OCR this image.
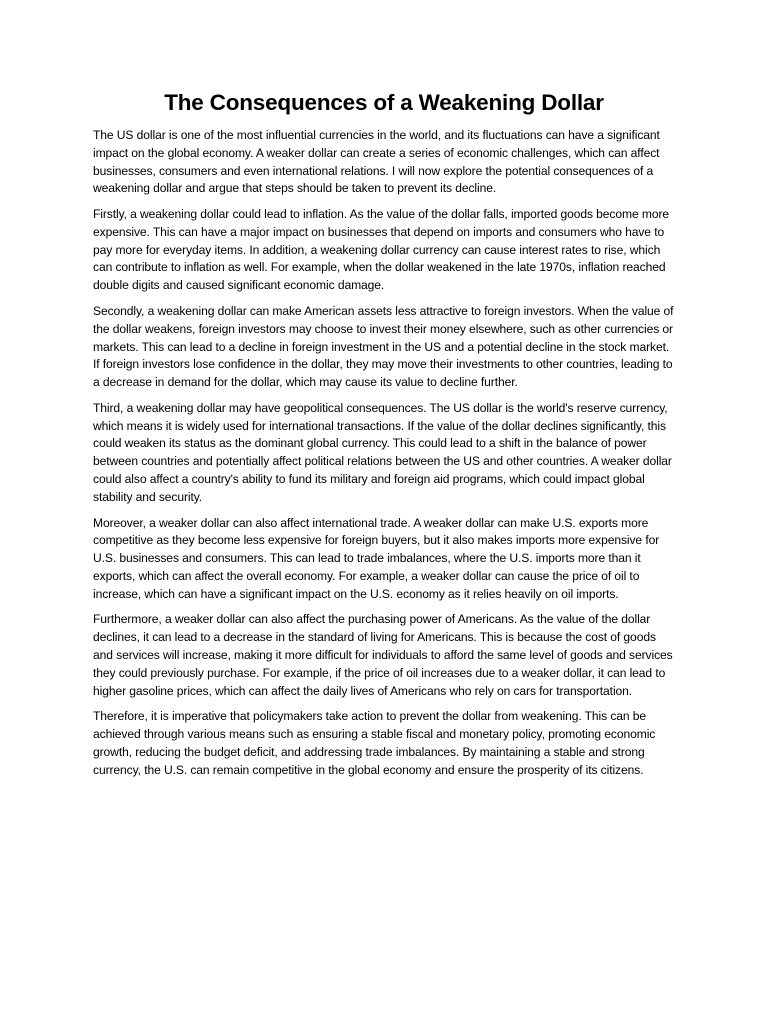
The Consequences of a Weakening Dollar

The US dollar is one of the most influential currencies in the world, and its fluctuations can have a significant impact on the global economy. A weaker dollar can create a series of economic challenges, which can affect businesses, consumers and even international relations. I will now explore the potential consequences of a weakening dollar and argue that steps should be taken to prevent its decline.

Firstly, a weakening dollar could lead to inflation. As the value of the dollar falls, imported goods become more expensive. This can have a major impact on businesses that depend on imports and consumers who have to pay more for everyday items. In addition, a weakening dollar currency can cause interest rates to rise, which can contribute to inflation as well. For example, when the dollar weakened in the late 1970s, inflation reached double digits and caused significant economic damage.

Secondly, a weakening dollar can make American assets less attractive to foreign investors. When the value of the dollar weakens, foreign investors may choose to invest their money elsewhere, such as other currencies or markets. This can lead to a decline in foreign investment in the US and a potential decline in the stock market. If foreign investors lose confidence in the dollar, they may move their investments to other countries, leading to a decrease in demand for the dollar, which may cause its value to decline further.

Third, a weakening dollar may have geopolitical consequences. The US dollar is the world's reserve currency, which means it is widely used for international transactions. If the value of the dollar declines significantly, this could weaken its status as the dominant global currency. This could lead to a shift in the balance of power between countries and potentially affect political relations between the US and other countries. A weaker dollar could also affect a country's ability to fund its military and foreign aid programs, which could impact global stability and security.

Moreover, a weaker dollar can also affect international trade. A weaker dollar can make U.S. exports more competitive as they become less expensive for foreign buyers, but it also makes imports more expensive for U.S. businesses and consumers. This can lead to trade imbalances, where the U.S. imports more than it exports, which can affect the overall economy. For example, a weaker dollar can cause the price of oil to increase, which can have a significant impact on the U.S. economy as it relies heavily on oil imports.

Furthermore, a weaker dollar can also affect the purchasing power of Americans. As the value of the dollar declines, it can lead to a decrease in the standard of living for Americans. This is because the cost of goods and services will increase, making it more difficult for individuals to afford the same level of goods and services they could previously purchase. For example, if the price of oil increases due to a weaker dollar, it can lead to higher gasoline prices, which can affect the daily lives of Americans who rely on cars for transportation.

Therefore, it is imperative that policymakers take action to prevent the dollar from weakening. This can be achieved through various means such as ensuring a stable fiscal and monetary policy, promoting economic growth, reducing the budget deficit, and addressing trade imbalances. By maintaining a stable and strong currency, the U.S. can remain competitive in the global economy and ensure the prosperity of its citizens.
